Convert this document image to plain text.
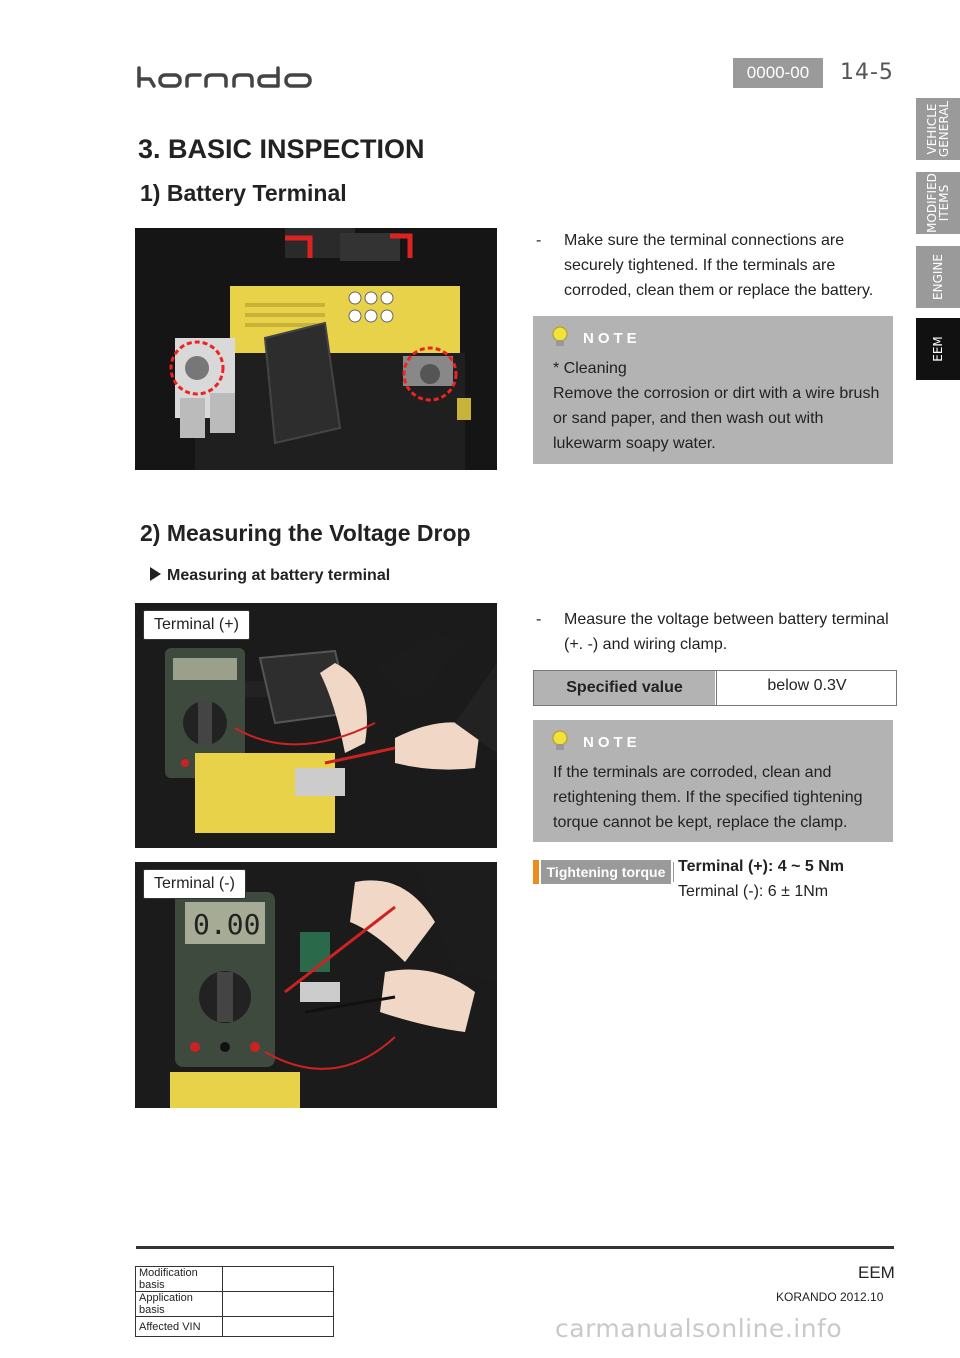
0000-00	14-5
VEHICLE
GENERAL
MODIFIED
ITEMS
ENGINE
EEM
3. BASIC INSPECTION
1) Battery Terminal
- Make sure the terminal connections are securely tightened. If the terminals are corroded, clean them or replace the battery.
NOTE
* Cleaning
Remove the corrosion or dirt with a wire brush or sand paper, and then wash out with lukewarm soapy water.
2) Measuring the Voltage Drop
Measuring at battery terminal
Terminal (+)
0.00
Terminal (-)
- Measure the voltage between battery terminal (+. -) and wiring clamp.
Specified value	below 0.3V
NOTE
If the terminals are corroded, clean and retightening them. If the specified tightening torque cannot be kept, replace the clamp.
Tightening torque Terminal (+): 4 ~ 5 Nm
Terminal (-): 6 ± 1Nm
EEM
KORANDO 2012.10
Modification basis	
Application basis	
Affected VIN		carmanualsonline.info
